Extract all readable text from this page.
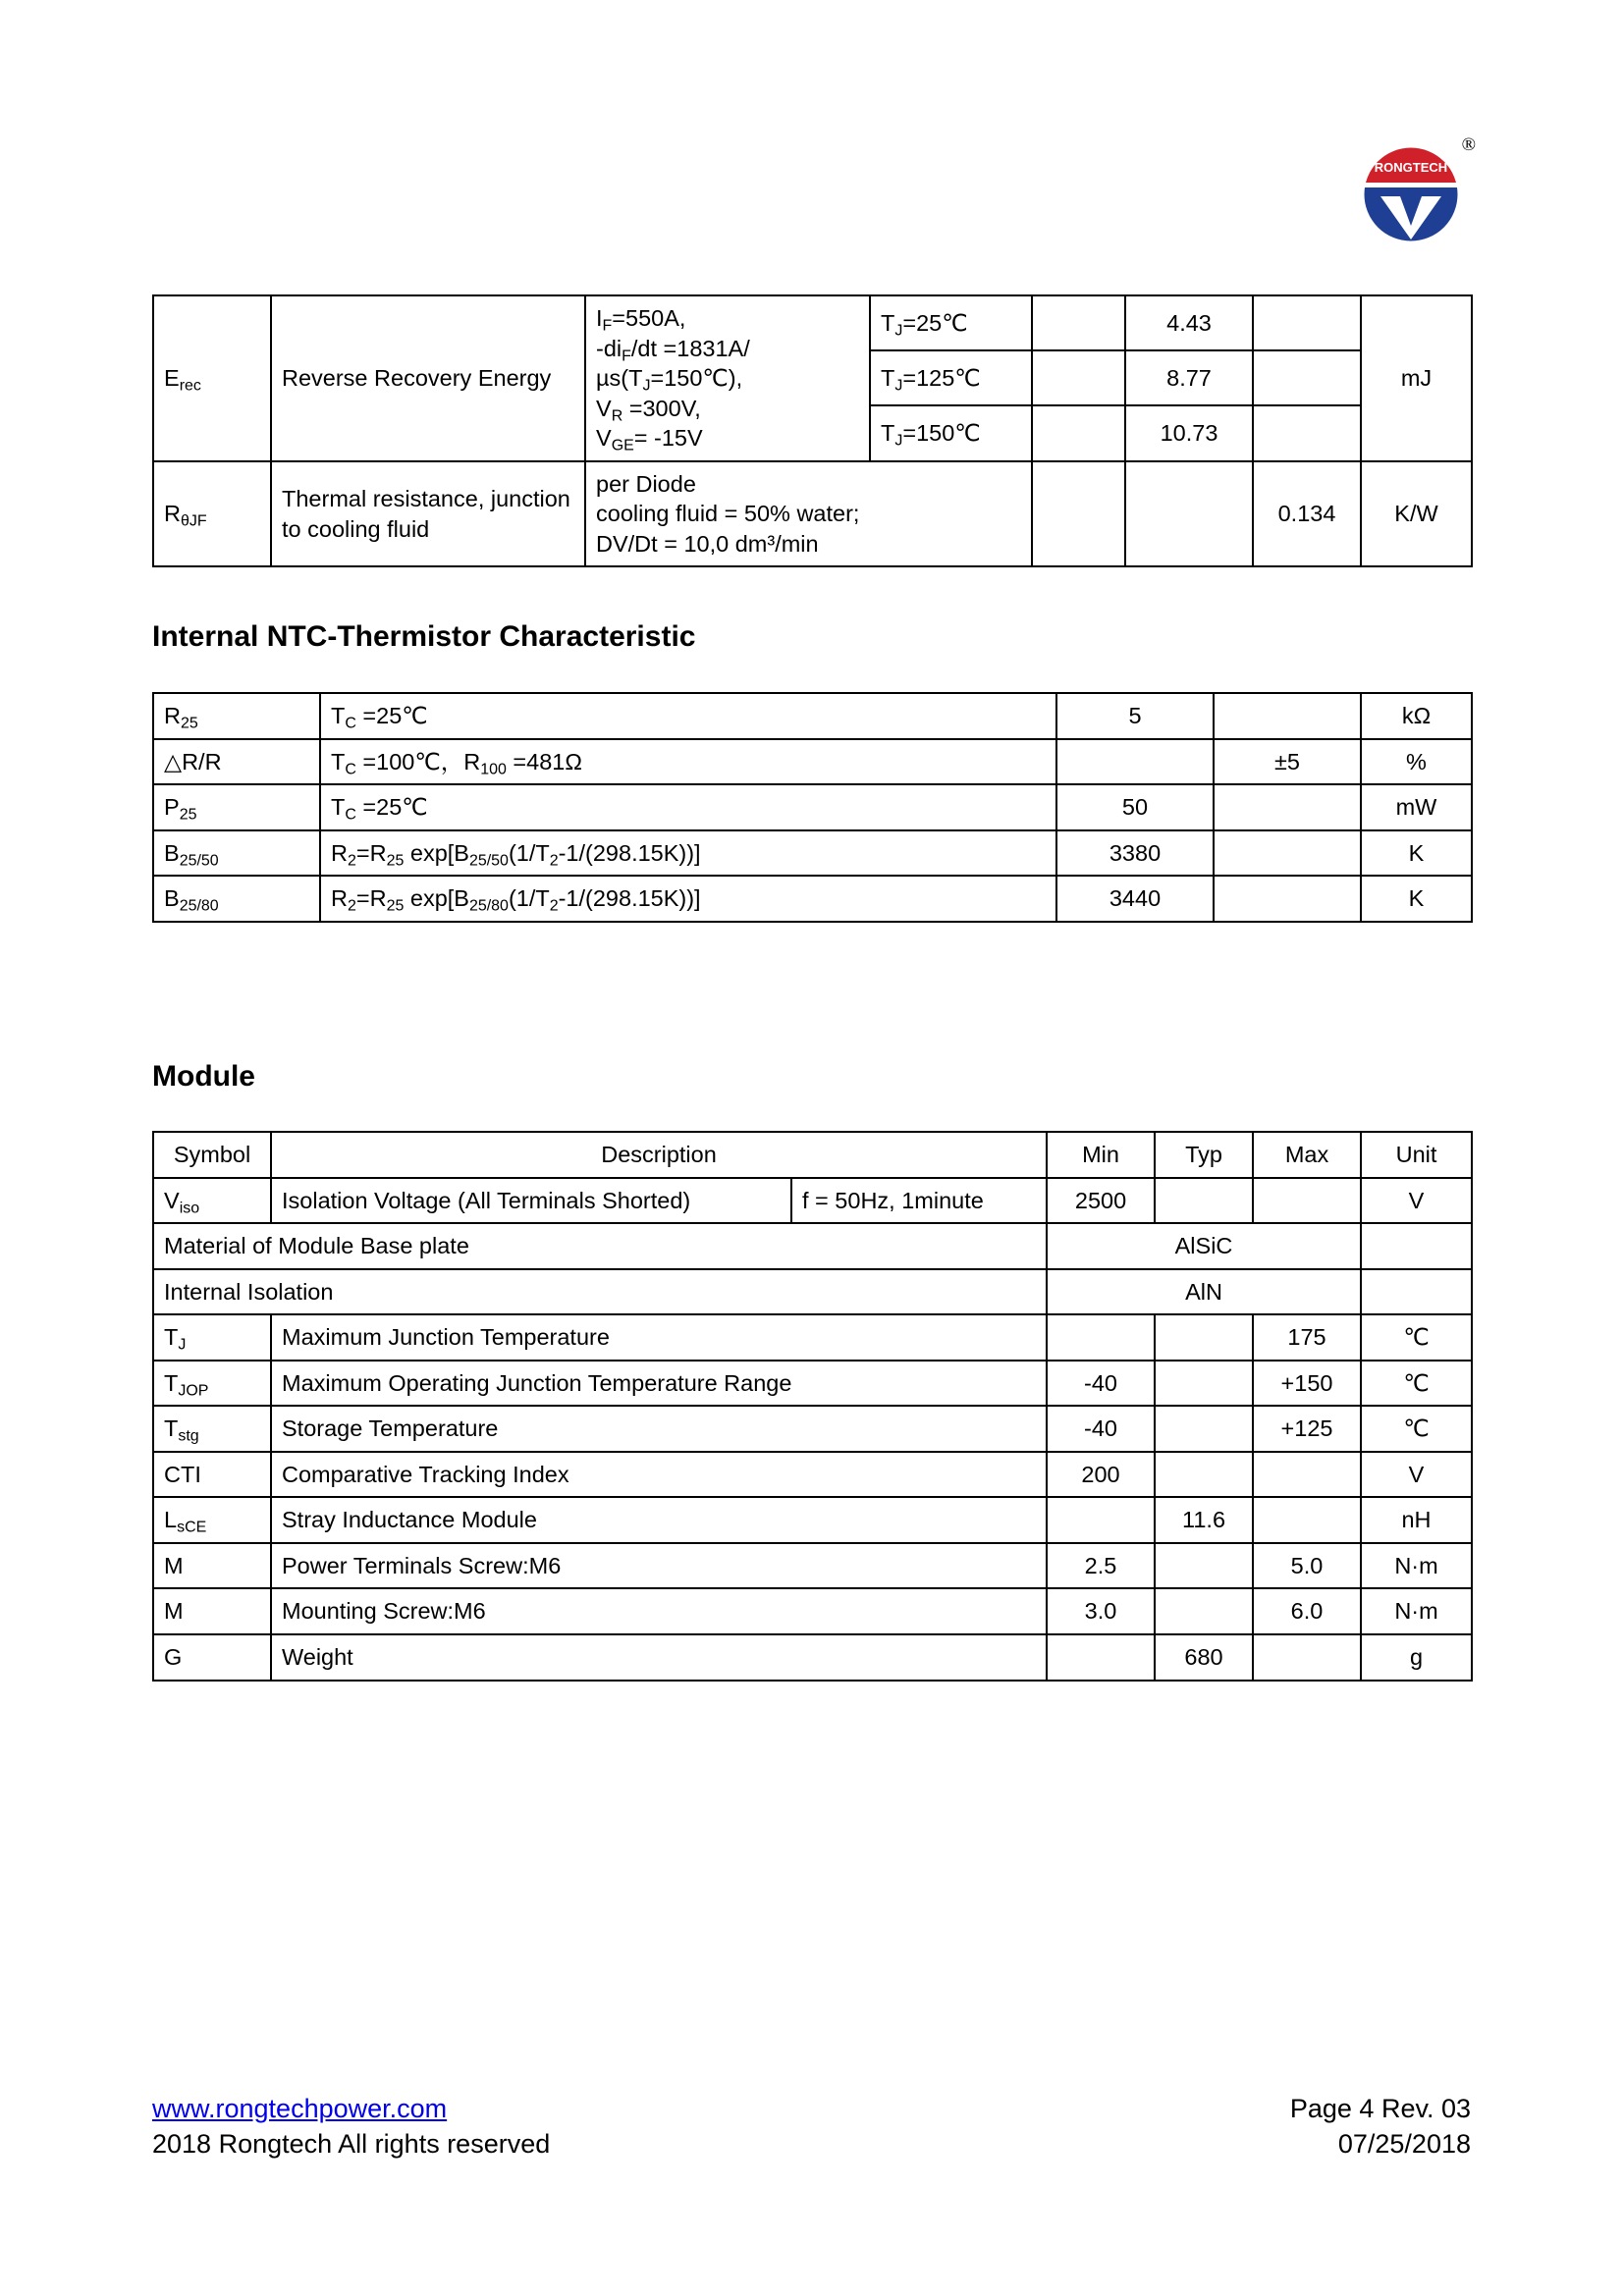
®
RONGTECH
$E_{rec}$	Reverse Recovery Energy	$I_F=550A$,
$-di_F/dt$ $=1831A/\mu s(T_J=150℃)$,
$V_R =300V$,
$V_{GE}= -15V$	$T_J=25℃$		4.43		mJ
			$T_J=125℃$		8.77		
			$T_J=150℃$		10.73		
$R_{\theta JF}$	Thermal resistance, junction to cooling fluid	per Diode
cooling fluid = 50% water;
DV/Dt = 10,0 dm³/min				0.134	K/W
Internal NTC-Thermistor Characteristic
$R_{25}$	$T_C$ =25℃	5		kΩ
△R/R	$T_C$ =100℃，$R_{100} =481\Omega$		±5	%
$P_{25}$	$T_C$ =25℃	50		mW
$B_{25/50}$	$R_2=R_{25}$ $\exp[B_{25/50}(1/T_2-1/(298.15K))]$	3380		K
$B_{25/80}$	$R_2=R_{25}$ $\exp[B_{25/80}(1/T_2-1/(298.15K))]$	3440		K
Module
Symbol	Description		Min	Typ	Max	Unit
$V_{iso}$	Isolation Voltage (All Terminals Shorted)	f = 50Hz, 1minute	2500			V
Material of Module Base plate			AlSiC			
Internal Isolation			AlN			
$T_J$	Maximum Junction Temperature				175	℃
$T_{JOP}$	Maximum Operating Junction Temperature Range		-40		+150	℃
$T_{stg}$	Storage Temperature		-40		+125	℃
CTI	Comparative Tracking Index		200			V
$L_{sCE}$	Stray Inductance Module			11.6		nH
M	Power Terminals Screw:M6		2.5		5.0	N·m
M	Mounting Screw:M6		3.0		6.0	N·m
G	Weight			680		g
www.rongtechpower.com
2018 Rongtech All rights reserved
Page 4 Rev. 03
07/25/2018
